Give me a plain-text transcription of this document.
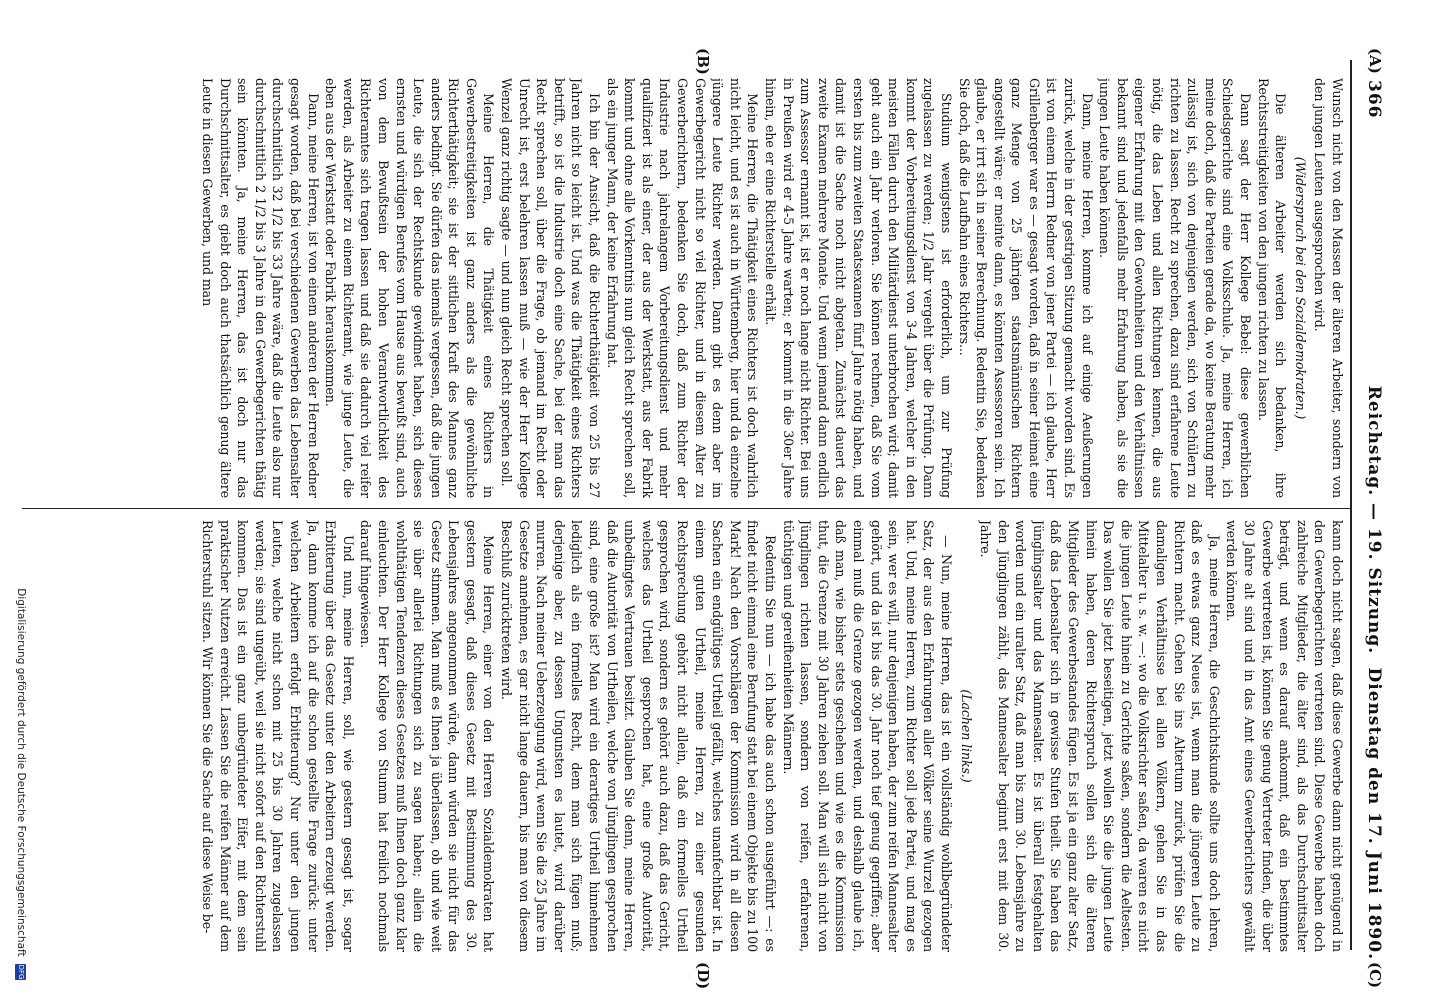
366
Reichstag. — 19. Sitzung.
Dienstag den 17. Juni 1890.
(A)
(B)
(C)
(D)

Wunsch nicht von den Massen der älteren Arbeiter, sondern von den jungen Leuten ausgesprochen wird.

(Widerspruch bei den Sozialdemokraten.)

Die älteren Arbeiter werden sich bedanken, ihre Rechtsstreitigkeiten von den jungen richten zu lassen.

Dann sagt der Herr Kollege Bebel: diese gewerblichen Schiedsgerichte sind eine Volksschule. Ja, meine Herren, ich meine doch, daß die Parteien gerade da, wo keine Beratung mehr zulässig ist, sich von denjenigen werden, sich von Schülern zu richten zu lassen. Recht zu sprechen, dazu sind erfahrene Leute nötig, die das Leben und allen Richtungen kennen, die aus eigener Erfahrung mit den Gewohnheiten und den Verhältnissen bekannt sind und jedenfalls mehr Erfahrung haben, als sie die jungen Leute haben können.

Dann, meine Herren, komme ich auf einige Aeußerungen zurück, welche in der gestrigen Sitzung gemacht worden sind. Es ist von einem Herrn Redner von jener Partei — ich glaube, Herr Grillenberger war es — gesagt worden, daß in seiner Heimat eine ganz Menge von 25 jährigen staatsmännischen Richtern angestellt wäre; er meinte dann, es könnten Assessoren sein. Ich glaube, er irrt sich in seiner Berechnung. Redentin Sie, bedenken Sie doch, daß die Laufbahn eines Richters...

Studium wenigstens ist erforderlich, um zur Prüfung zugelassen zu werden; 1/2 Jahr vergeht über die Prüfung. Dann kommt der Vorbereitungsdienst von 3-4 Jahren, welcher in den meisten Fällen durch den Militärdienst unterbrochen wird; damit geht auch ein Jahr verloren. Sie können rechnen, daß Sie vom ersten bis zum zweiten Staatsexamen fünf Jahre nötig haben, und damit ist die Sache noch nicht abgetan. Zunächst dauert das zweite Examen mehrere Monate. Und wenn jemand dann endlich zum Assessor ernannt ist, ist er noch lange nicht Richter. Bei uns in Preußen wird er 4-5 Jahre warten; er kommt in die 30er Jahre hinein, ehe er eine Richterstelle erhält.

Meine Herren, die Thätigkeit eines Richters ist doch wahrlich nicht leicht, und es ist auch in Württemberg, hier und da einzelne jüngere Leute Richter werden. Dann gibt es denn aber im Gewerbegericht nicht so viel Richter, und in diesem Alter zu Gewerberichtern, bedenken Sie doch, daß zum Richter der Industrie nach jahrelangem Vorbereitungsdienst und mehr qualifiziert ist als einer, der aus der Werkstatt, aus der Fabrik kommt und ohne alle Vorkenntnis nun gleich Recht sprechen soll, als ein junger Mann, der keine Erfahrung hat.

Ich bin der Ansicht, daß die Richterthätigkeit von 25 bis 27 Jahren nicht so leicht ist. Und was die Thätigkeit eines Richters betrifft, so ist die Industrie doch eine Sache, bei der man das Recht sprechen soll, über die Frage, ob jemand im Recht oder Unrecht ist, erst belehren lassen muß — wie der Herr Kollege Wenzel ganz richtig sagte — und nun gleich Recht sprechen soll.

Meine Herren, die Thätigkeit eines Richters in Gewerbestreitigkeiten ist ganz anders als die gewöhnliche Richterthätigkeit; sie ist der sittlichen Kraft des Mannes ganz anders bedingt. Sie dürfen das niemals vergessen, daß die jungen Leute, die sich der Rechtskunde gewidmet haben, sich dieses ernsten und würdigen Berufes vom Hause aus bewußt sind, auch von dem Bewußtsein der hohen Verantwortlichkeit des Richteramtes sich tragen lassen und daß sie dadurch viel reifer werden, als Arbeiter zu einem Richteramt, wie junge Leute, die eben aus der Werkstatt oder Fabrik herauskommen.

Dann, meine Herren, ist von einem anderen der Herren Redner gesagt worden, daß bei verschiedenen Gewerben das Lebensalter durchschnittlich 32 1/2 bis 33 Jahre wäre, daß die Leute also nur durchschnittlich 2 1/2 bis 3 Jahre in den Gewerbegerichten thätig sein könnten. Ja, meine Herren, das ist doch nur das Durchschnittsalter, es giebt doch auch thatsächlich genug ältere Leute in diesen Gewerben, und man

kann doch nicht sagen, daß diese Gewerbe dann nicht genügend in den Gewerbegerichten vertreten sind. Diese Gewerbe haben doch zahlreiche Mitglieder, die älter sind, als das Durchschnittsalter beträgt, und wenn es darauf ankommt, daß ein bestimmtes Gewerbe vertreten ist, können Sie genug Vertreter finden, die über 30 Jahre alt sind und in das Amt eines Gewerberichters gewählt werden können.

Ja, meine Herren, die Geschichtskunde sollte uns doch lehren, daß es etwas ganz Neues ist, wenn man die jüngeren Leute zu Richtern macht. Gehen Sie ins Altertum zurück, prüfen Sie die damaligen Verhältnisse bei allen Völkern, gehen Sie in das Mittelalter u. s. w. —: wo die Volksrichter saßen, da waren es nicht die jungen Leute hinein zu Gerichte saßen, sondern die Aeltesten. Das wollen Sie jetzt beseitigen, jetzt wollen Sie die jungen Leute hinein haben, deren Richterspruch sollen sich die älteren Mitglieder des Gewerbestandes fügen. Es ist ja ein ganz alter Satz, daß das Lebensalter sich in gewisse Stufen theilt. Sie haben das Jünglingsalter und das Mannesalter. Es ist überall festgehalten worden und ein uralter Satz, daß man bis zum 30. Lebensjahre zu den Jünglingen zählt, das Mannesalter beginnt erst mit dem 30. Jahre.

(Lachen links.)

— Nun, meine Herren, das ist ein vollständig wohlbegründeter Satz, der aus den Erfahrungen aller Völker seine Wurzel gezogen hat. Und, meine Herren, zum Richter soll jede Partei, und mag es sein, wer es will, nur denjenigen haben, der zum reifen Mannesalter gehört, und da ist bis das 30. Jahr noch tief genug gegriffen; aber einmal muß die Grenze gezogen werden, und deshalb glaube ich, daß man, wie bisher stets geschehen und wie es die Kommission thut, die Grenze mit 30 Jahren ziehen soll. Man will sich nicht von Jünglingen richten lassen, sondern von reifen, erfahrenen, tüchtigen und gereiftenheiten Männern.

Redentin Sie nun — ich habe das auch schon ausgeführt —: es findet nicht einmal eine Berufung statt bei einem Objekte bis zu 100 Mark! Nach den Vorschlägen der Kommission wird in all diesen Sachen ein endgültiges Urtheil gefällt, welches unanfechtbar ist. In einem guten Urtheil, meine Herren, zu einer gesunden Rechtsprechung gehört nicht allein, daß ein formelles Urtheil gesprochen wird, sondern es gehört auch dazu, daß das Gericht, welches das Urtheil gesprochen hat, eine große Autorität, unbedingtes Vertrauen besitzt. Glauben Sie denn, meine Herren, daß die Autorität von Urtheilen, welche von Jünglingen gesprochen sind, eine große ist? Man wird ein derartiges Urtheil hinnehmen lediglich als ein formelles Recht, dem man sich fügen muß; derjenige aber, zu dessen Ungunsten es lautet, wird darüber murren. Nach meiner Ueberzeugung wird, wenn Sie die 25 Jahre im Gesetze annehmen, es gar nicht lange dauern, bis man von diesem Beschluß zurücktreten wird.

Meine Herren, einer von den Herren Sozialdemokraten hat gestern gesagt, daß dieses Gesetz mit Bestimmung des 30. Lebensjahres angenommen würde, dann würden sie nicht für das Gesetz stimmen. Man muß es Ihnen ja überlassen, ob und wie weit sie über allerlei Richtungen sich zu sagen haben; allein die wohlthätigen Tendenzen dieses Gesetzes muß Ihnen doch ganz klar einleuchten. Der Herr Kollege von Stumm hat freilich nochmals darauf hingewiesen.

Und nun, meine Herren, soll, wie gestern gesagt ist, sogar Erbitterung über das Gesetz unter den Arbeitern erzeugt werden. Ja, dann komme ich auf die schon gestellte Frage zurück: unter welchen Arbeitern erfolgt Erbitterung? Nur unter den jungen Leuten, welche nicht schon mit 25 bis 30 Jahren zugelassen werden; sie sind ungeübt, weil sie nicht sofort auf den Richterstuhl kommen. Das ist ein ganz unbegründeter Eifer, mit dem sein praktischer Nutzen erreicht. Lassen Sie die reifen Männer auf dem Richterstuhl sitzen. Wir können Sie die Sache auf diese Weise be-

Digitalisierung gefördert durch die Deutsche Forschungsgemeinschaft DFG
